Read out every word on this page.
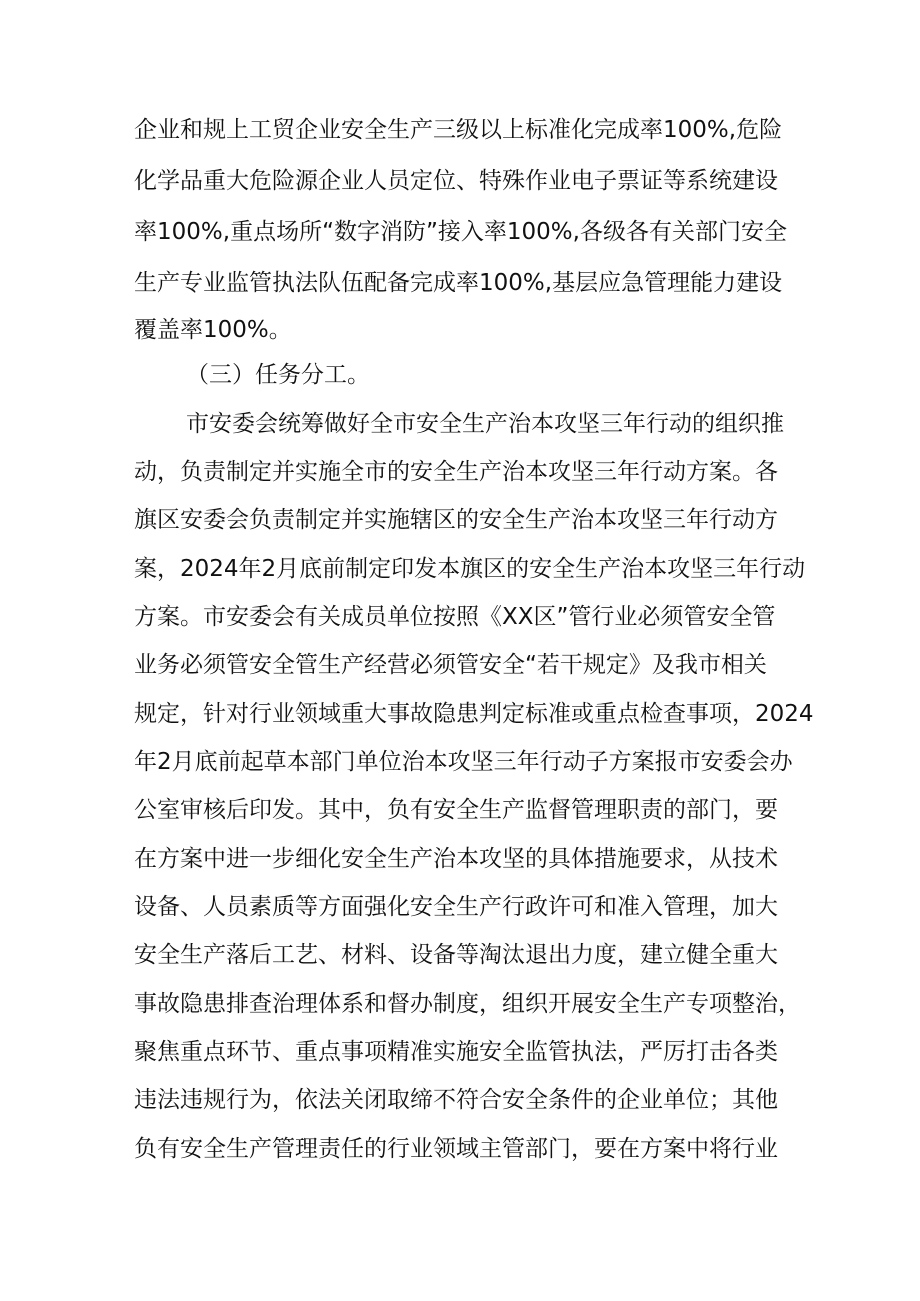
企业和规上工贸企业安全生产三级以上标准化完成率100%,危险
化学品重大危险源企业人员定位、特殊作业电子票证等系统建设
率100%,重点场所“数字消防”接入率100%,各级各有关部门安全
生产专业监管执法队伍配备完成率100%,基层应急管理能力建设
覆盖率100%。
（三）任务分工。
市安委会统筹做好全市安全生产治本攻坚三年行动的组织推
动，负责制定并实施全市的安全生产治本攻坚三年行动方案。各
旗区安委会负责制定并实施辖区的安全生产治本攻坚三年行动方
案，2024年2月底前制定印发本旗区的安全生产治本攻坚三年行动
方案。市安委会有关成员单位按照《XX区”管行业必须管安全管
业务必须管安全管生产经营必须管安全“若干规定》及我市相关
规定，针对行业领域重大事故隐患判定标准或重点检查事项，2024
年2月底前起草本部门单位治本攻坚三年行动子方案报市安委会办
公室审核后印发。其中，负有安全生产监督管理职责的部门，要
在方案中进一步细化安全生产治本攻坚的具体措施要求，从技术
设备、人员素质等方面强化安全生产行政许可和准入管理，加大
安全生产落后工艺、材料、设备等淘汰退出力度，建立健全重大
事故隐患排查治理体系和督办制度，组织开展安全生产专项整治，
聚焦重点环节、重点事项精准实施安全监管执法，严厉打击各类
违法违规行为，依法关闭取缔不符合安全条件的企业单位；其他
负有安全生产管理责任的行业领域主管部门，要在方案中将行业
